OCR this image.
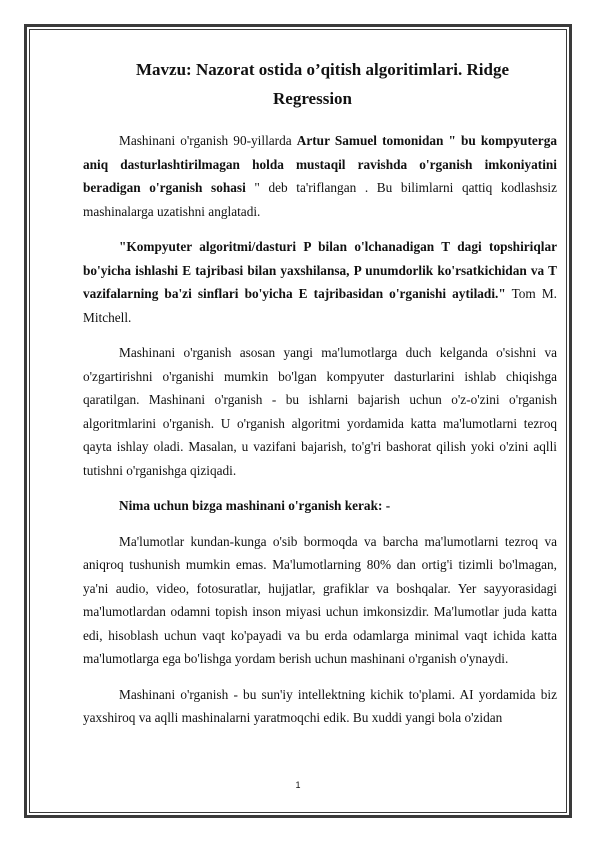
Mavzu: Nazorat ostida o’qitish algoritimlari. Ridge
Regression

Mashinani o'rganish 90-yillarda Artur Samuel tomonidan " bu kompyuterga aniq dasturlashtirilmagan holda mustaqil ravishda o'rganish imkoniyatini beradigan o'rganish sohasi " deb ta'riflangan . Bu bilimlarni qattiq kodlashsiz mashinalarga uzatishni anglatadi.

"Kompyuter algoritmi/dasturi P bilan o'lchanadigan T dagi topshiriqlar bo'yicha ishlashi E tajribasi bilan yaxshilansa, P unumdorlik ko'rsatkichidan va T vazifalarning ba'zi sinflari bo'yicha E tajribasidan o'rganishi aytiladi." Tom M. Mitchell.

Mashinani o'rganish asosan yangi ma'lumotlarga duch kelganda o'sishni va o'zgartirishni o'rganishi mumkin bo'lgan kompyuter dasturlarini ishlab chiqishga qaratilgan. Mashinani o'rganish - bu ishlarni bajarish uchun o'z-o'zini o'rganish algoritmlarini o'rganish. U o'rganish algoritmi yordamida katta ma'lumotlarni tezroq qayta ishlay oladi. Masalan, u vazifani bajarish, to'g'ri bashorat qilish yoki o'zini aqlli tutishni o'rganishga qiziqadi.

Nima uchun bizga mashinani o'rganish kerak: -

Ma'lumotlar kundan-kunga o'sib bormoqda va barcha ma'lumotlarni tezroq va aniqroq tushunish mumkin emas. Ma'lumotlarning 80% dan ortig'i tizimli bo'lmagan, ya'ni audio, video, fotosuratlar, hujjatlar, grafiklar va boshqalar. Yer sayyorasidagi ma'lumotlardan odamni topish inson miyasi uchun imkonsizdir. Ma'lumotlar juda katta edi, hisoblash uchun vaqt ko'payadi va bu erda odamlarga minimal vaqt ichida katta ma'lumotlarga ega bo'lishga yordam berish uchun mashinani o'rganish o'ynaydi.

Mashinani o'rganish - bu sun'iy intellektning kichik to'plami. AI yordamida biz yaxshiroq va aqlli mashinalarni yaratmoqchi edik. Bu xuddi yangi bola o'zidan

1
